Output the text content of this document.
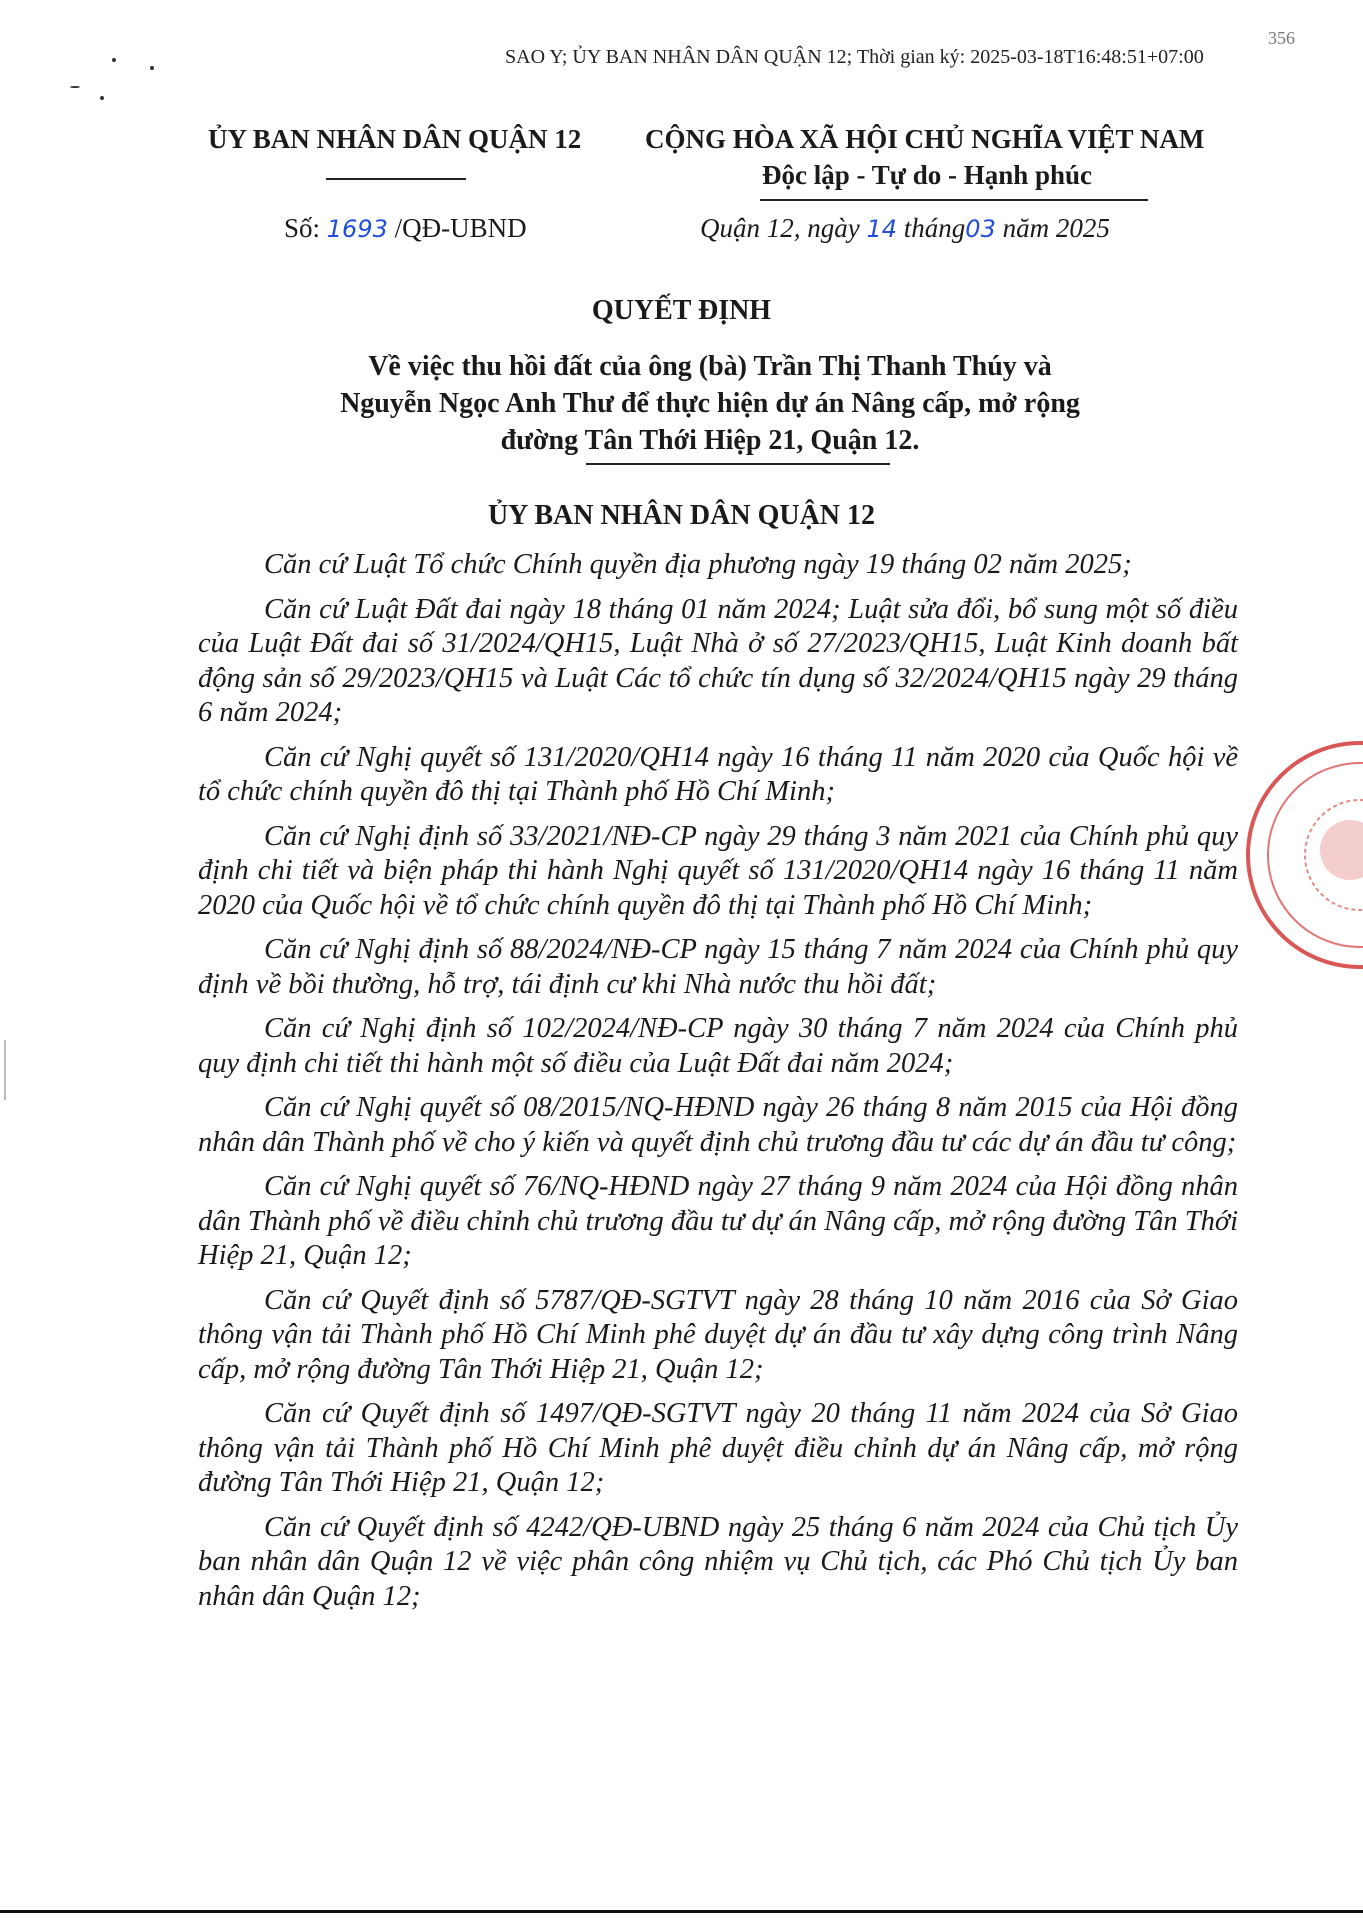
SAO Y; ỦY BAN NHÂN DÂN QUẬN 12; Thời gian ký: 2025-03-18T16:48:51+07:00
356
ỦY BAN NHÂN DÂN QUẬN 12	CỘNG HÒA XÃ HỘI CHỦ NGHĨA VIỆT NAM
Độc lập - Tự do - Hạnh phúc
Số: 1693 /QĐ-UBND	Quận 12, ngày 14 tháng03 năm 2025
QUYẾT ĐỊNH
Về việc thu hồi đất của ông (bà) Trần Thị Thanh Thúy và
Nguyễn Ngọc Anh Thư để thực hiện dự án Nâng cấp, mở rộng
đường Tân Thới Hiệp 21, Quận 12.
ỦY BAN NHÂN DÂN QUẬN 12

Căn cứ Luật Tổ chức Chính quyền địa phương ngày 19 tháng 02 năm 2025;

Căn cứ Luật Đất đai ngày 18 tháng 01 năm 2024; Luật sửa đổi, bổ sung một số điều của Luật Đất đai số 31/2024/QH15, Luật Nhà ở số 27/2023/QH15, Luật Kinh doanh bất động sản số 29/2023/QH15 và Luật Các tổ chức tín dụng số 32/2024/QH15 ngày 29 tháng 6 năm 2024;

Căn cứ Nghị quyết số 131/2020/QH14 ngày 16 tháng 11 năm 2020 của Quốc hội về tổ chức chính quyền đô thị tại Thành phố Hồ Chí Minh;

Căn cứ Nghị định số 33/2021/NĐ-CP ngày 29 tháng 3 năm 2021 của Chính phủ quy định chi tiết và biện pháp thi hành Nghị quyết số 131/2020/QH14 ngày 16 tháng 11 năm 2020 của Quốc hội về tổ chức chính quyền đô thị tại Thành phố Hồ Chí Minh;

Căn cứ Nghị định số 88/2024/NĐ-CP ngày 15 tháng 7 năm 2024 của Chính phủ quy định về bồi thường, hỗ trợ, tái định cư khi Nhà nước thu hồi đất;

Căn cứ Nghị định số 102/2024/NĐ-CP ngày 30 tháng 7 năm 2024 của Chính phủ quy định chi tiết thi hành một số điều của Luật Đất đai năm 2024;

Căn cứ Nghị quyết số 08/2015/NQ-HĐND ngày 26 tháng 8 năm 2015 của Hội đồng nhân dân Thành phố về cho ý kiến và quyết định chủ trương đầu tư các dự án đầu tư công;

Căn cứ Nghị quyết số 76/NQ-HĐND ngày 27 tháng 9 năm 2024 của Hội đồng nhân dân Thành phố về điều chỉnh chủ trương đầu tư dự án Nâng cấp, mở rộng đường Tân Thới Hiệp 21, Quận 12;

Căn cứ Quyết định số 5787/QĐ-SGTVT ngày 28 tháng 10 năm 2016 của Sở Giao thông vận tải Thành phố Hồ Chí Minh phê duyệt dự án đầu tư xây dựng công trình Nâng cấp, mở rộng đường Tân Thới Hiệp 21, Quận 12;

Căn cứ Quyết định số 1497/QĐ-SGTVT ngày 20 tháng 11 năm 2024 của Sở Giao thông vận tải Thành phố Hồ Chí Minh phê duyệt điều chỉnh dự án Nâng cấp, mở rộng đường Tân Thới Hiệp 21, Quận 12;

Căn cứ Quyết định số 4242/QĐ-UBND ngày 25 tháng 6 năm 2024 của Chủ tịch Ủy ban nhân dân Quận 12 về việc phân công nhiệm vụ Chủ tịch, các Phó Chủ tịch Ủy ban nhân dân Quận 12;
